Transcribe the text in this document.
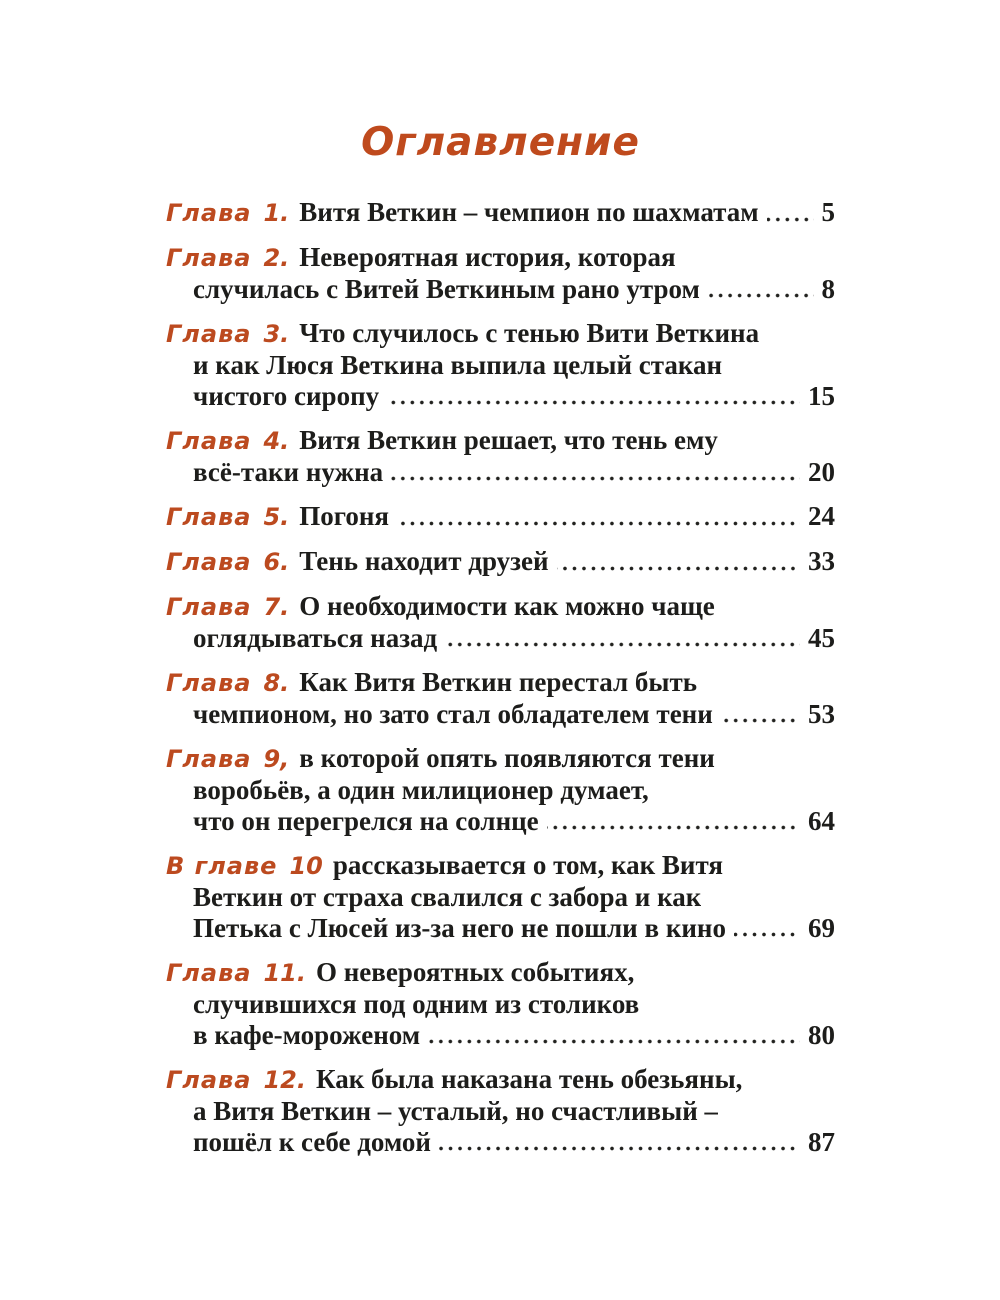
Оглавление
Глава 1. Витя Веткин – чемпион по шахматам 5
Глава 2. Невероятная история, которая
случилась с Витей Веткиным рано утром	8
Глава 3. Что случилось с тенью Вити Веткина
и как Люся Веткина выпила целый стакан
чистого сиропу	15
Глава 4. Витя Веткин решает, что тень ему
всё-таки нужна	20
Глава 5. Погоня	24
Глава 6. Тень находит друзей	33
Глава 7. О необходимости как можно чаще
оглядываться назад	45
Глава 8. Как Витя Веткин перестал быть
чемпионом, но зато стал обладателем тени	53
Глава 9, в которой опять появляются тени
воробьёв, а один милиционер думает,
что он перегрелся на солнце	64
В главе 10 рассказывается о том, как Витя
Веткин от страха свалился с забора и как
Петька с Люсей из-за него не пошли в кино	69
Глава 11. О невероятных событиях,
случившихся под одним из столиков
в кафе-мороженом	80
Глава 12. Как была наказана тень обезьяны,
а Витя Веткин – усталый, но счастливый –
пошёл к себе домой	87
